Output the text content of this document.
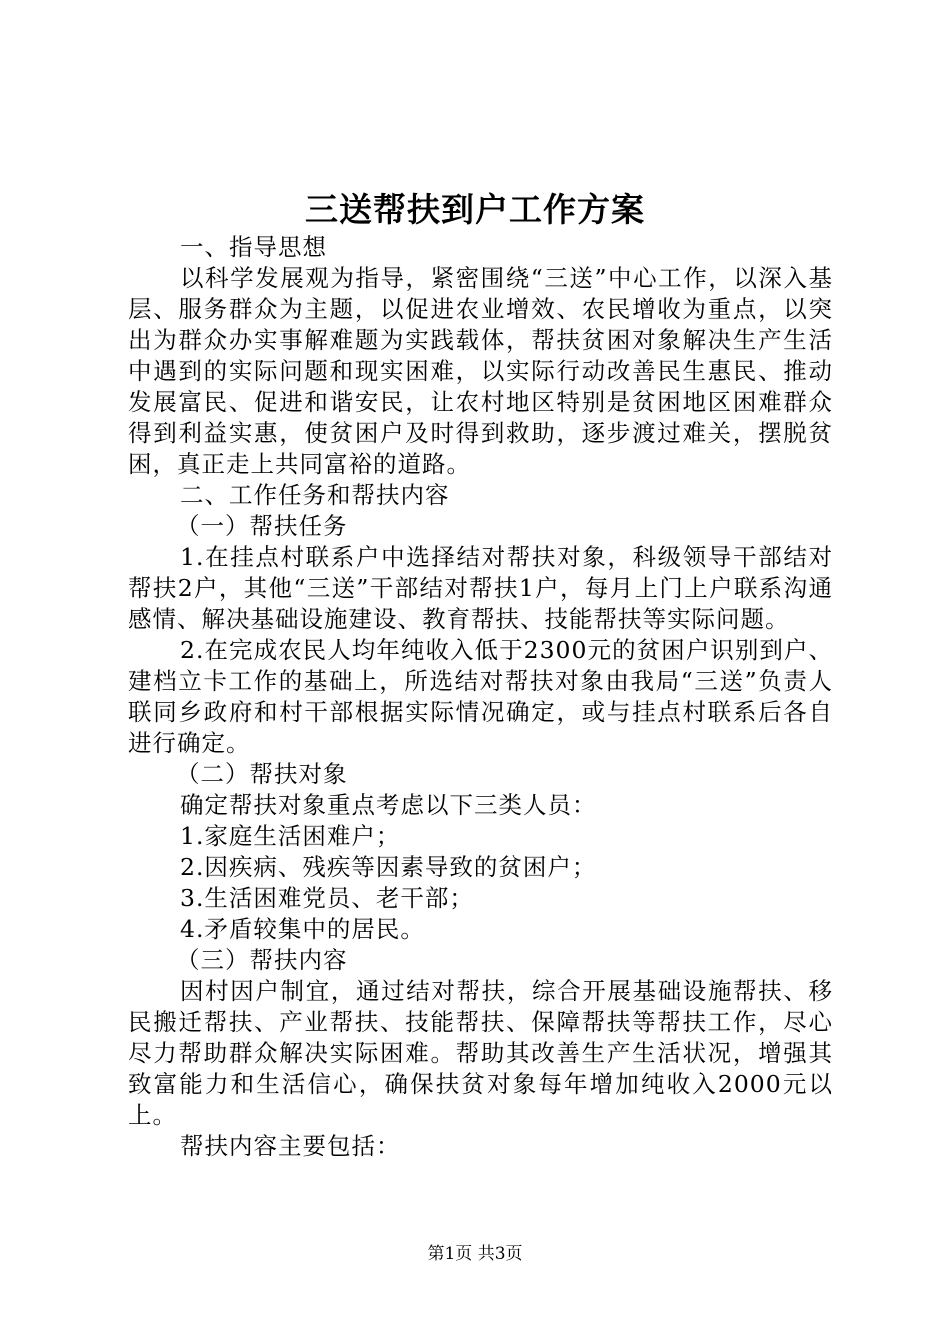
三送帮扶到户工作方案

一、指导思想

以科学发展观为指导，紧密围绕“三送”中心工作，以深入基层、服务群众为主题，以促进农业增效、农民增收为重点，以突出为群众办实事解难题为实践载体，帮扶贫困对象解决生产生活中遇到的实际问题和现实困难，以实际行动改善民生惠民、推动发展富民、促进和谐安民，让农村地区特别是贫困地区困难群众得到利益实惠，使贫困户及时得到救助，逐步渡过难关，摆脱贫困，真正走上共同富裕的道路。

二、工作任务和帮扶内容

（一）帮扶任务

1.在挂点村联系户中选择结对帮扶对象，科级领导干部结对帮扶2户，其他“三送”干部结对帮扶1户，每月上门上户联系沟通感情、解决基础设施建设、教育帮扶、技能帮扶等实际问题。

2.在完成农民人均年纯收入低于2300元的贫困户识别到户、建档立卡工作的基础上，所选结对帮扶对象由我局“三送”负责人联同乡政府和村干部根据实际情况确定，或与挂点村联系后各自进行确定。

（二）帮扶对象

确定帮扶对象重点考虑以下三类人员：

1.家庭生活困难户；

2.因疾病、残疾等因素导致的贫困户；

3.生活困难党员、老干部；

4.矛盾较集中的居民。

（三）帮扶内容

因村因户制宜，通过结对帮扶，综合开展基础设施帮扶、移民搬迁帮扶、产业帮扶、技能帮扶、保障帮扶等帮扶工作，尽心尽力帮助群众解决实际困难。帮助其改善生产生活状况，增强其致富能力和生活信心，确保扶贫对象每年增加纯收入2000元以上。

帮扶内容主要包括：

第1页 共3页
